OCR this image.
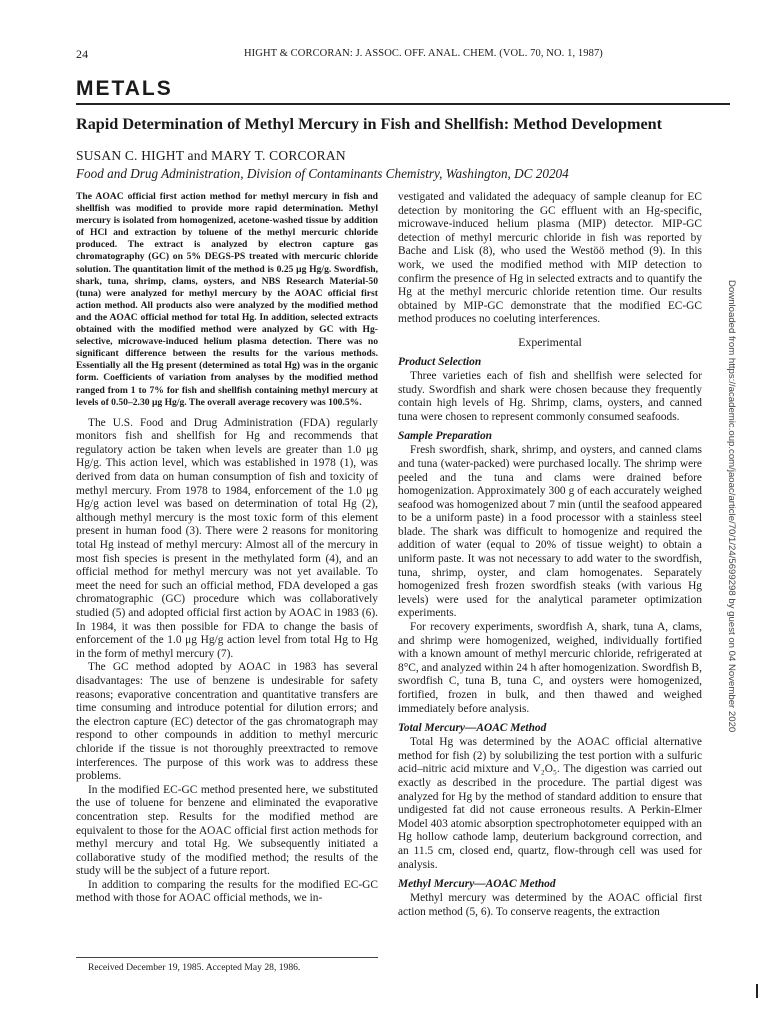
24	HIGHT & CORCORAN: J. ASSOC. OFF. ANAL. CHEM. (VOL. 70, NO. 1, 1987)
METALS
Rapid Determination of Methyl Mercury in Fish and Shellfish: Method Development
SUSAN C. HIGHT and MARY T. CORCORAN
Food and Drug Administration, Division of Contaminants Chemistry, Washington, DC 20204

The AOAC official first action method for methyl mercury in fish and shellfish was modified to provide more rapid determination. Methyl mercury is isolated from homogenized, acetone-washed tissue by addition of HCl and extraction by toluene of the methyl mercuric chloride produced. The extract is analyzed by electron capture gas chromatography (GC) on 5% DEGS-PS treated with mercuric chloride solution. The quantitation limit of the method is 0.25 μg Hg/g. Swordfish, shark, tuna, shrimp, clams, oysters, and NBS Research Material-50 (tuna) were analyzed for methyl mercury by the AOAC official first action method. All products also were analyzed by the modified method and the AOAC official method for total Hg. In addition, selected extracts obtained with the modified method were analyzed by GC with Hg-selective, microwave-induced helium plasma detection. There was no significant difference between the results for the various methods. Essentially all the Hg present (determined as total Hg) was in the organic form. Coefficients of variation from analyses by the modified method ranged from 1 to 7% for fish and shellfish containing methyl mercury at levels of 0.50–2.30 μg Hg/g. The overall average recovery was 100.5%.

The U.S. Food and Drug Administration (FDA) regularly monitors fish and shellfish for Hg and recommends that regulatory action be taken when levels are greater than 1.0 μg Hg/g. This action level, which was established in 1978 (1), was derived from data on human consumption of fish and toxicity of methyl mercury. From 1978 to 1984, enforcement of the 1.0 μg Hg/g action level was based on determination of total Hg (2), although methyl mercury is the most toxic form of this element present in human food (3). There were 2 reasons for monitoring total Hg instead of methyl mercury: Almost all of the mercury in most fish species is present in the methylated form (4), and an official method for methyl mercury was not yet available. To meet the need for such an official method, FDA developed a gas chromatographic (GC) procedure which was collaboratively studied (5) and adopted official first action by AOAC in 1983 (6). In 1984, it was then possible for FDA to change the basis of enforcement of the 1.0 μg Hg/g action level from total Hg to Hg in the form of methyl mercury (7).

The GC method adopted by AOAC in 1983 has several disadvantages: The use of benzene is undesirable for safety reasons; evaporative concentration and quantitative transfers are time consuming and introduce potential for dilution errors; and the electron capture (EC) detector of the gas chromatograph may respond to other compounds in addition to methyl mercuric chloride if the tissue is not thoroughly preextracted to remove interferences. The purpose of this work was to address these problems.

In the modified EC-GC method presented here, we substituted the use of toluene for benzene and eliminated the evaporative concentration step. Results for the modified method are equivalent to those for the AOAC official first action methods for methyl mercury and total Hg. We subsequently initiated a collaborative study of the modified method; the results of the study will be the subject of a future report.

In addition to comparing the results for the modified EC-GC method with those for AOAC official methods, we in-

Received December 19, 1985. Accepted May 28, 1986.

vestigated and validated the adequacy of sample cleanup for EC detection by monitoring the GC effluent with an Hg-specific, microwave-induced helium plasma (MIP) detector. MIP-GC detection of methyl mercuric chloride in fish was reported by Bache and Lisk (8), who used the Westöö method (9). In this work, we used the modified method with MIP detection to confirm the presence of Hg in selected extracts and to quantify the Hg at the methyl mercuric chloride retention time. Our results obtained by MIP-GC demonstrate that the modified EC-GC method produces no coeluting interferences.

Experimental
Product Selection

Three varieties each of fish and shellfish were selected for study. Swordfish and shark were chosen because they frequently contain high levels of Hg. Shrimp, clams, oysters, and canned tuna were chosen to represent commonly consumed seafoods.

Sample Preparation

Fresh swordfish, shark, shrimp, and oysters, and canned clams and tuna (water-packed) were purchased locally. The shrimp were peeled and the tuna and clams were drained before homogenization. Approximately 300 g of each accurately weighed seafood was homogenized about 7 min (until the seafood appeared to be a uniform paste) in a food processor with a stainless steel blade. The shark was difficult to homogenize and required the addition of water (equal to 20% of tissue weight) to obtain a uniform paste. It was not necessary to add water to the swordfish, tuna, shrimp, oyster, and clam homogenates. Separately homogenized fresh frozen swordfish steaks (with various Hg levels) were used for the analytical parameter optimization experiments.

For recovery experiments, swordfish A, shark, tuna A, clams, and shrimp were homogenized, weighed, individually fortified with a known amount of methyl mercuric chloride, refrigerated at 8°C, and analyzed within 24 h after homogenization. Swordfish B, swordfish C, tuna B, tuna C, and oysters were homogenized, fortified, frozen in bulk, and then thawed and weighed immediately before analysis.

Total Mercury—AOAC Method

Total Hg was determined by the AOAC official alternative method for fish (2) by solubilizing the test portion with a sulfuric acid–nitric acid mixture and V₂O₅. The digestion was carried out exactly as described in the procedure. The partial digest was analyzed for Hg by the method of standard addition to ensure that undigested fat did not cause erroneous results. A Perkin-Elmer Model 403 atomic absorption spectrophotometer equipped with an Hg hollow cathode lamp, deuterium background correction, and an 11.5 cm, closed end, quartz, flow-through cell was used for analysis.

Methyl Mercury—AOAC Method

Methyl mercury was determined by the AOAC official first action method (5, 6). To conserve reagents, the extraction

Downloaded from https://academic.oup.com/jaoac/article/70/1/24/5699298 by guest on 04 November 2020
